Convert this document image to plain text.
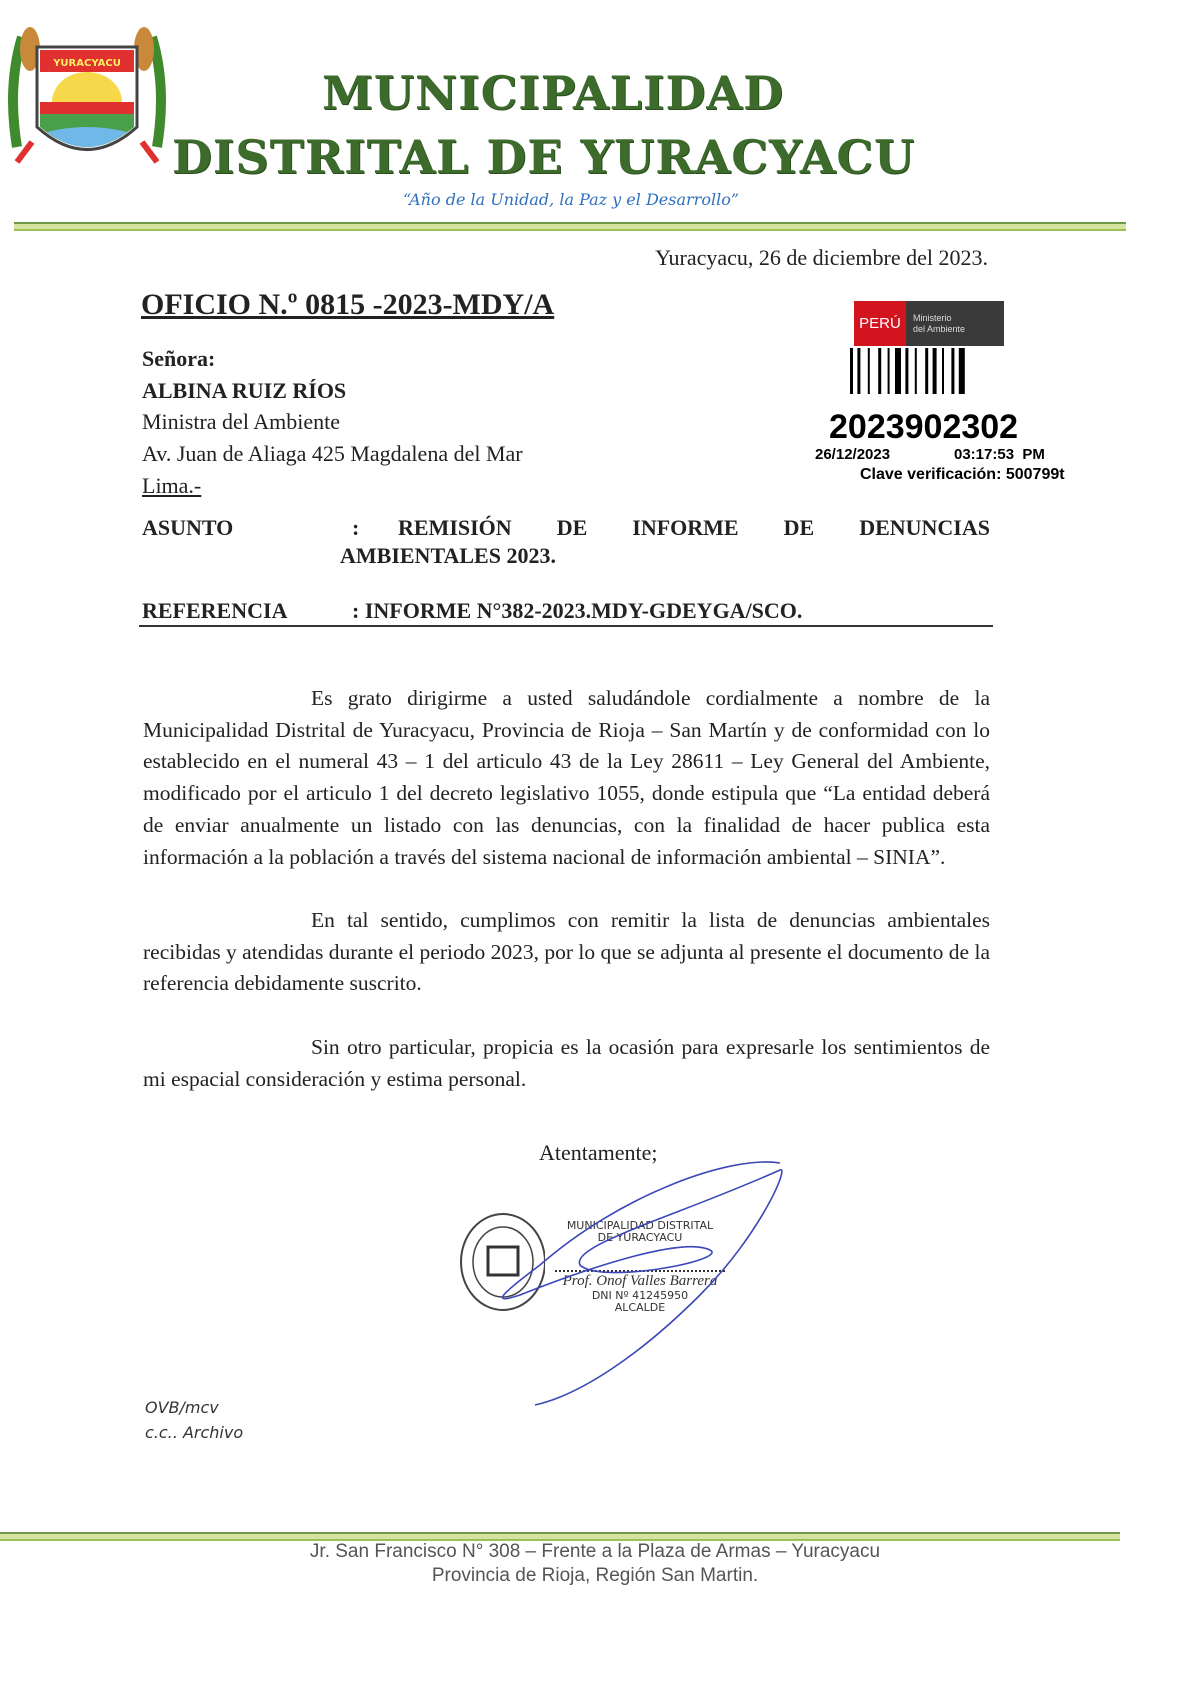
YURACYACU
MUNICIPALIDAD
DISTRITAL DE YURACYACU
“Año de la Unidad, la Paz y el Desarrollo”
Yuracyacu, 26 de diciembre del 2023.
OFICIO N.º 0815 -2023-MDY/A
Señora:
ALBINA RUIZ RÍOS
Ministra del Ambiente
Av. Juan de Aliaga 425 Magdalena del Mar
Lima.-
PERÚ	Ministerio
del Ambiente
2023902302
26/12/2023	03:17:53  PM
Clave verificación: 500799t
ASUNTO	: REMISIÓN DE INFORME DE DENUNCIAS
AMBIENTALES 2023.
REFERENCIA	: INFORME N°382-2023.MDY-GDEYGA/SCO.
Es grato dirigirme a usted saludándole cordialmente a nombre de la Municipalidad Distrital de Yuracyacu, Provincia de Rioja – San Martín y de conformidad con lo establecido en el numeral 43 – 1 del articulo 43 de la Ley 28611 – Ley General del Ambiente, modificado por el articulo 1 del decreto legislativo 1055, donde estipula que “La entidad deberá de enviar anualmente un listado con las denuncias, con la finalidad de hacer publica esta información a la población a través del sistema nacional de información ambiental – SINIA”.
En tal sentido, cumplimos con remitir la lista de denuncias ambientales recibidas y atendidas durante el periodo 2023, por lo que se adjunta al presente el documento de la referencia debidamente suscrito.
Sin otro particular, propicia es la ocasión para expresarle los sentimientos de mi espacial consideración y estima personal.
Atentamente;
MUNICIPALIDAD DISTRITAL
DE YURACYACU
Prof. Onof Valles Barrera
DNI Nº 41245950
ALCALDE
OVB/mcv
c.c.. Archivo
Jr. San Francisco N° 308 – Frente a la Plaza de Armas – Yuracyacu
Provincia de Rioja, Región San Martin.
